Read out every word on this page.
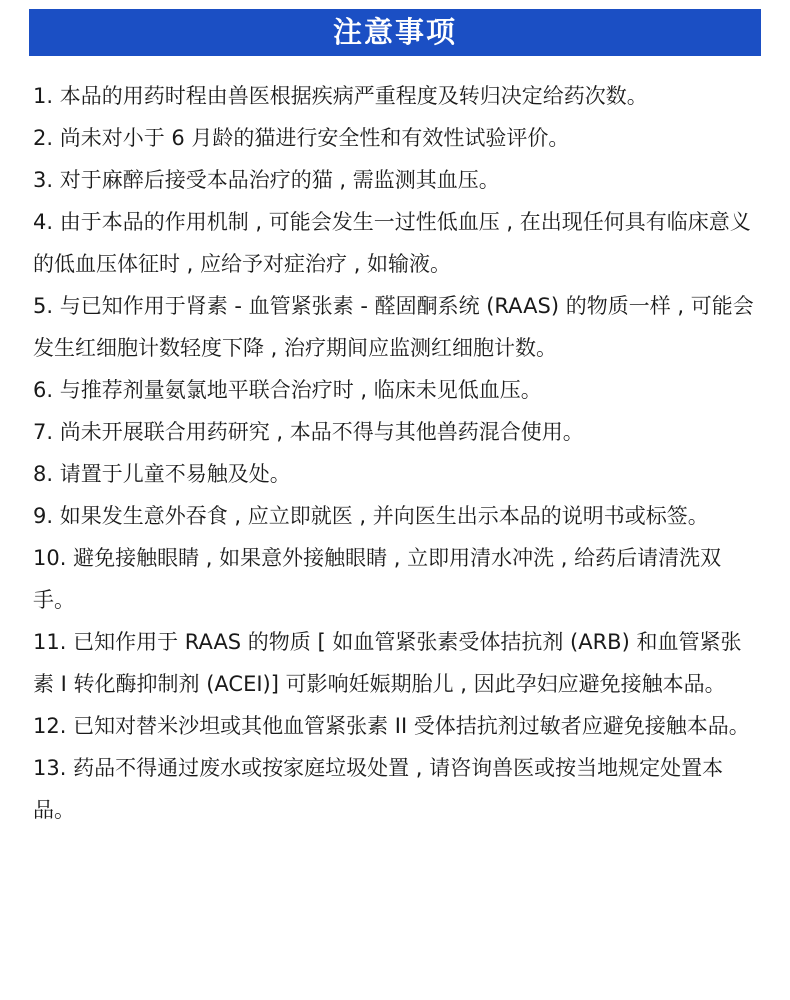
注意事项
1. 本品的用药时程由兽医根据疾病严重程度及转归决定给药次数。
2. 尚未对小于 6 月龄的猫进行安全性和有效性试验评价。
3. 对于麻醉后接受本品治疗的猫 , 需监测其血压。
4. 由于本品的作用机制 , 可能会发生一过性低血压 , 在出现任何具有临床意义的低血压体征时 , 应给予对症治疗 , 如输液。
5. 与已知作用于肾素 - 血管紧张素 - 醛固酮系统 (RAAS) 的物质一样 , 可能会发生红细胞计数轻度下降 , 治疗期间应监测红细胞计数。
6. 与推荐剂量氨氯地平联合治疗时 , 临床未见低血压。
7. 尚未开展联合用药研究 , 本品不得与其他兽药混合使用。
8. 请置于儿童不易触及处。
9. 如果发生意外吞食 , 应立即就医 , 并向医生出示本品的说明书或标签。
10. 避免接触眼睛 , 如果意外接触眼睛 , 立即用清水冲洗 , 给药后请清洗双手。
11. 已知作用于 RAAS 的物质 [ 如血管紧张素受体拮抗剂 (ARB) 和血管紧张素 I 转化酶抑制剂 (ACEI)] 可影响妊娠期胎儿 , 因此孕妇应避免接触本品。
12. 已知对替米沙坦或其他血管紧张素 II 受体拮抗剂过敏者应避免接触本品。
13. 药品不得通过废水或按家庭垃圾处置 , 请咨询兽医或按当地规定处置本品。
